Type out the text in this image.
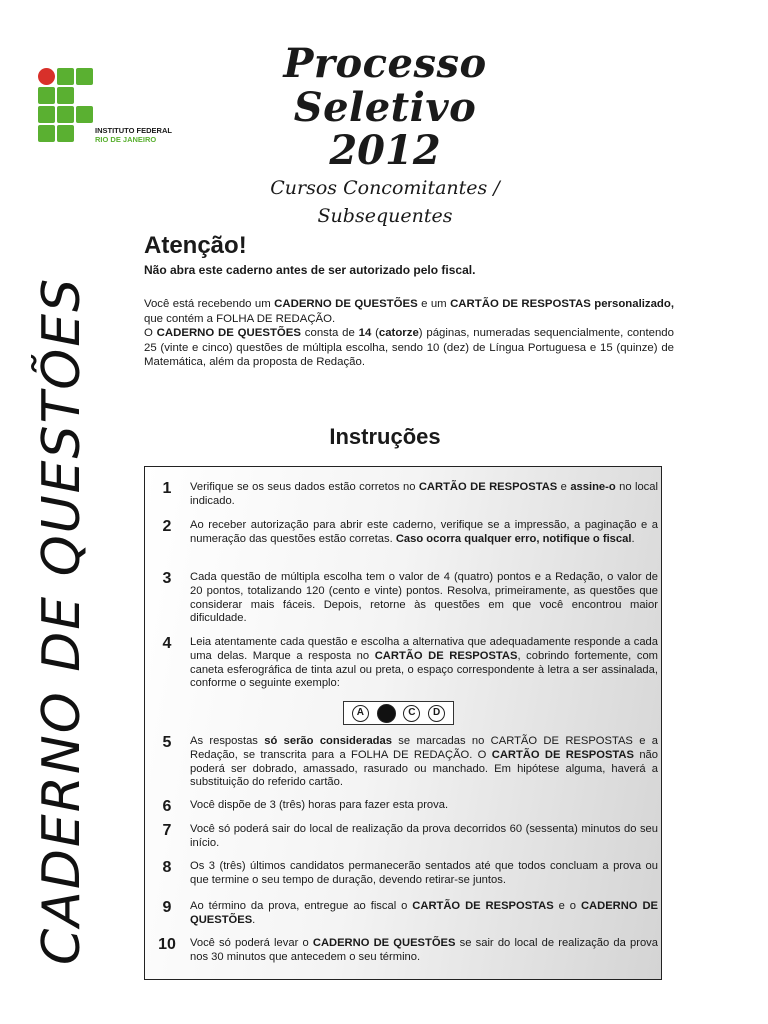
INSTITUTO FEDERAL
RIO DE JANEIRO
Processo Seletivo
2012
Cursos Concomitantes / Subsequentes
CADERNO DE QUESTÕES
Atenção!
Não abra este caderno antes de ser autorizado pelo fiscal.

Você está recebendo um CADERNO DE QUESTÕES e um CARTÃO DE RESPOSTAS personalizado, que contém a FOLHA DE REDAÇÃO.

O CADERNO DE QUESTÕES consta de 14 (catorze) páginas, numeradas sequencialmente, contendo 25 (vinte e cinco) questões de múltipla escolha, sendo 10 (dez) de Língua Portuguesa e 15 (quinze) de Matemática, além da proposta de Redação.

Instruções
1	Verifique se os seus dados estão corretos no CARTÃO DE RESPOSTAS e assine-o no local indicado.
2	Ao receber autorização para abrir este caderno, verifique se a impressão, a paginação e a numeração das questões estão corretas. Caso ocorra qualquer erro, notifique o fiscal.
3	Cada questão de múltipla escolha tem o valor de 4 (quatro) pontos e a Redação, o valor de 20 pontos, totalizando 120 (cento e vinte) pontos. Resolva, primeiramente, as questões que considerar mais fáceis. Depois, retorne às questões em que você encontrou maior dificuldade.
4	Leia atentamente cada questão e escolha a alternativa que adequadamente responde a cada uma delas. Marque a resposta no CARTÃO DE RESPOSTAS, cobrindo fortemente, com caneta esferográfica de tinta azul ou preta, o espaço correspondente à letra a ser assinalada, conforme o seguinte exemplo:
A	C	D
5	As respostas só serão consideradas se marcadas no CARTÃO DE RESPOSTAS e a Redação, se transcrita para a FOLHA DE REDAÇÃO. O CARTÃO DE RESPOSTAS não poderá ser dobrado, amassado, rasurado ou manchado. Em hipótese alguma, haverá a substituição do referido cartão.
6	Você dispõe de 3 (três) horas para fazer esta prova.
7	Você só poderá sair do local de realização da prova decorridos 60 (sessenta) minutos do seu início.
8	Os 3 (três) últimos candidatos permanecerão sentados até que todos concluam a prova ou que termine o seu tempo de duração, devendo retirar-se juntos.
9	Ao término da prova, entregue ao fiscal o CARTÃO DE RESPOSTAS e o CADERNO DE QUESTÕES.
10	Você só poderá levar o CADERNO DE QUESTÕES se sair do local de realização da prova nos 30 minutos que antecedem o seu término.
